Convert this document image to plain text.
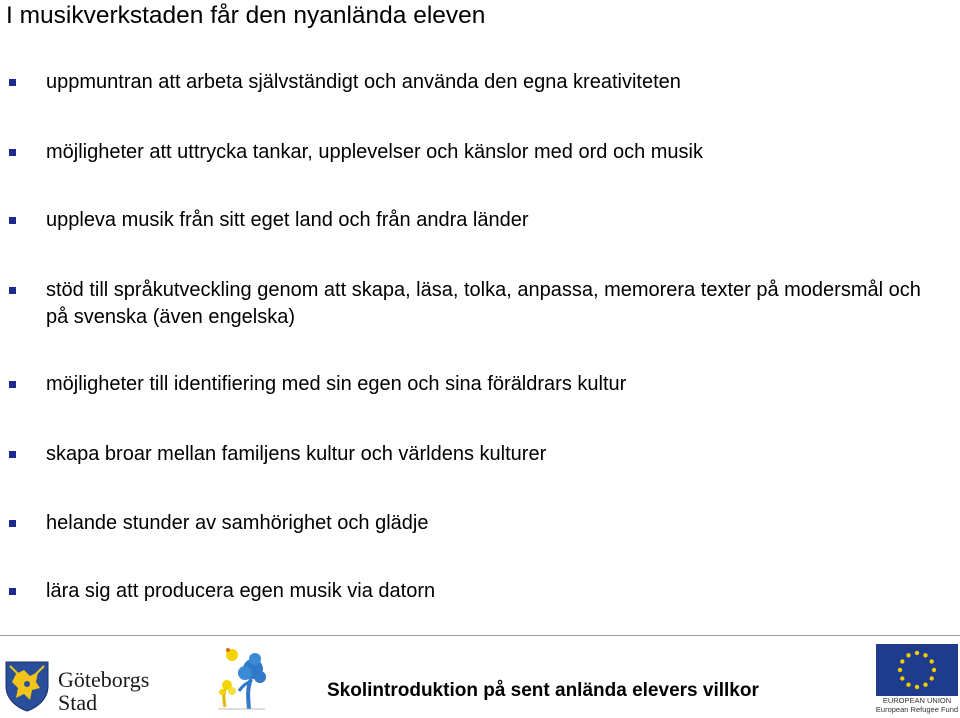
I musikverkstaden får den nyanlända eleven
uppmuntran att arbeta självständigt och använda den egna kreativiteten
möjligheter att uttrycka tankar, upplevelser och känslor med ord och musik
uppleva musik från sitt eget land och från andra länder
stöd till språkutveckling genom att skapa, läsa, tolka, anpassa, memorera texter på modersmål och på svenska (även engelska)
möjligheter till identifiering med sin egen och sina föräldrars kultur
skapa broar mellan familjens kultur och världens kulturer
helande stunder av samhörighet och glädje
lära sig att producera egen musik via datorn
Göteborgs
Stad	Skolintroduktion på sent anlända elevers villkor	EUROPEAN UNION
European Refugee Fund
